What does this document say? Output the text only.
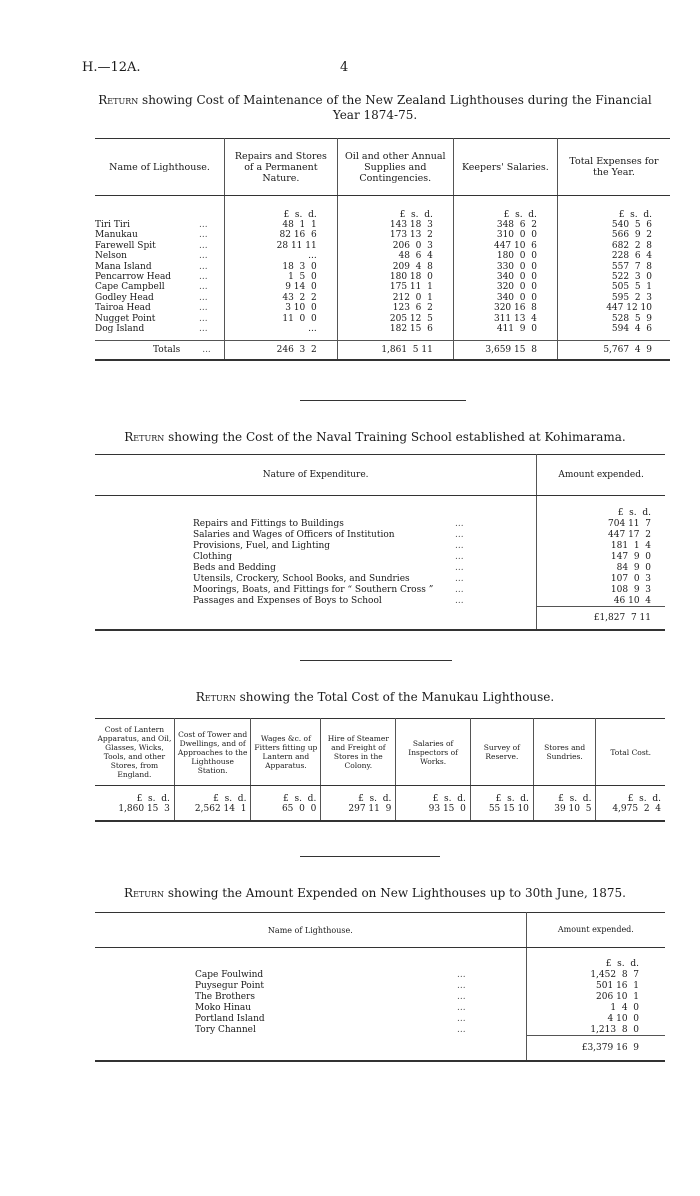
H.—12A.	4
Return showing Cost of Maintenance of the New Zealand Lighthouses during the Financial
Year 1874-75.
Name of Lighthouse.	Repairs and Stores of a Permanent Nature.	Oil and other Annual Supplies and Contingencies.	Keepers' Salaries.	Total Expenses for the Year.

	£  s.  d.	£  s.  d.	£  s.  d.	£  s.  d.
Tiri Tiri ...	48  1  1	143 18  3	348  6  2	540  5  6
Manukau ...	82 16  6	173 13  2	310  0  0	566  9  2
Farewell Spit ...	28 11 11	206  0  3	447 10  6	682  2  8
Nelson ...	...	48  6  4	180  0  0	228  6  4
Mana Island ...	18  3  0	209  4  8	330  0  0	557  7  8
Pencarrow Head ...	1  5  0	180 18  0	340  0  0	522  3  0
Cape Campbell ...	9 14  0	175 11  1	320  0  0	505  5  1
Godley Head ...	43  2  2	212  0  1	340  0  0	595  2  3
Tairoa Head ...	3 10  0	123  6  2	320 16  8	447 12 10
Nugget Point ...	11  0  0	205 12  5	311 13  4	528  5  9
Dog Island ...	...	182 15  6	411  9  0	594  4  6

Totals ...	246  3  2	1,861  5 11	3,659 15  8	5,767  4  9
Return showing the Cost of the Naval Training School established at Kohimarama.
Nature of Expenditure.	Amount expended.

	£  s.  d.
Repairs and Fittings to Buildings ...	704 11  7
Salaries and Wages of Officers of Institution ...	447 17  2
Provisions, Fuel, and Lighting ...	181  1  4
Clothing ...	147  9  0
Beds and Bedding ...	84  9  0
Utensils, Crockery, School Books, and Sundries ...	107  0  3
Moorings, Boats, and Fittings for “ Southern Cross ” ...	108  9  3
Passages and Expenses of Boys to School ...	46 10  4
	£1,827  7 11
Return showing the Total Cost of the Manukau Lighthouse.
Cost of Lantern Apparatus, and Oil, Glasses, Wicks, Tools, and other Stores, from England.	Cost of Tower and Dwellings, and of Approaches to the Lighthouse Station.	Wages &c. of Fitters fitting up Lantern and Apparatus.	Hire of Steamer and Freight of Stores in the Colony.	Salaries of Inspectors of Works.	Survey of Reserve.	Stores and Sundries.	Total Cost.
£  s.  d.	£  s.  d.	£  s.  d.	£  s.  d.	£  s.  d.	£  s.  d.	£  s.  d.	£  s.  d.
1,860 15  3	2,562 14  1	65  0  0	297 11  9	93 15  0	55 15 10	39 10  5	4,975  2  4
Return showing the Amount Expended on New Lighthouses up to 30th June, 1875.
Name of Lighthouse.	Amount expended.

	£  s.  d.
Cape Foulwind ...	1,452  8  7
Puysegur Point ...	501 16  1
The Brothers ...	206 10  1
Moko Hinau ...	1  4  0
Portland Island ...	4 10  0
Tory Channel ...	1,213  8  0
	£3,379 16  9
